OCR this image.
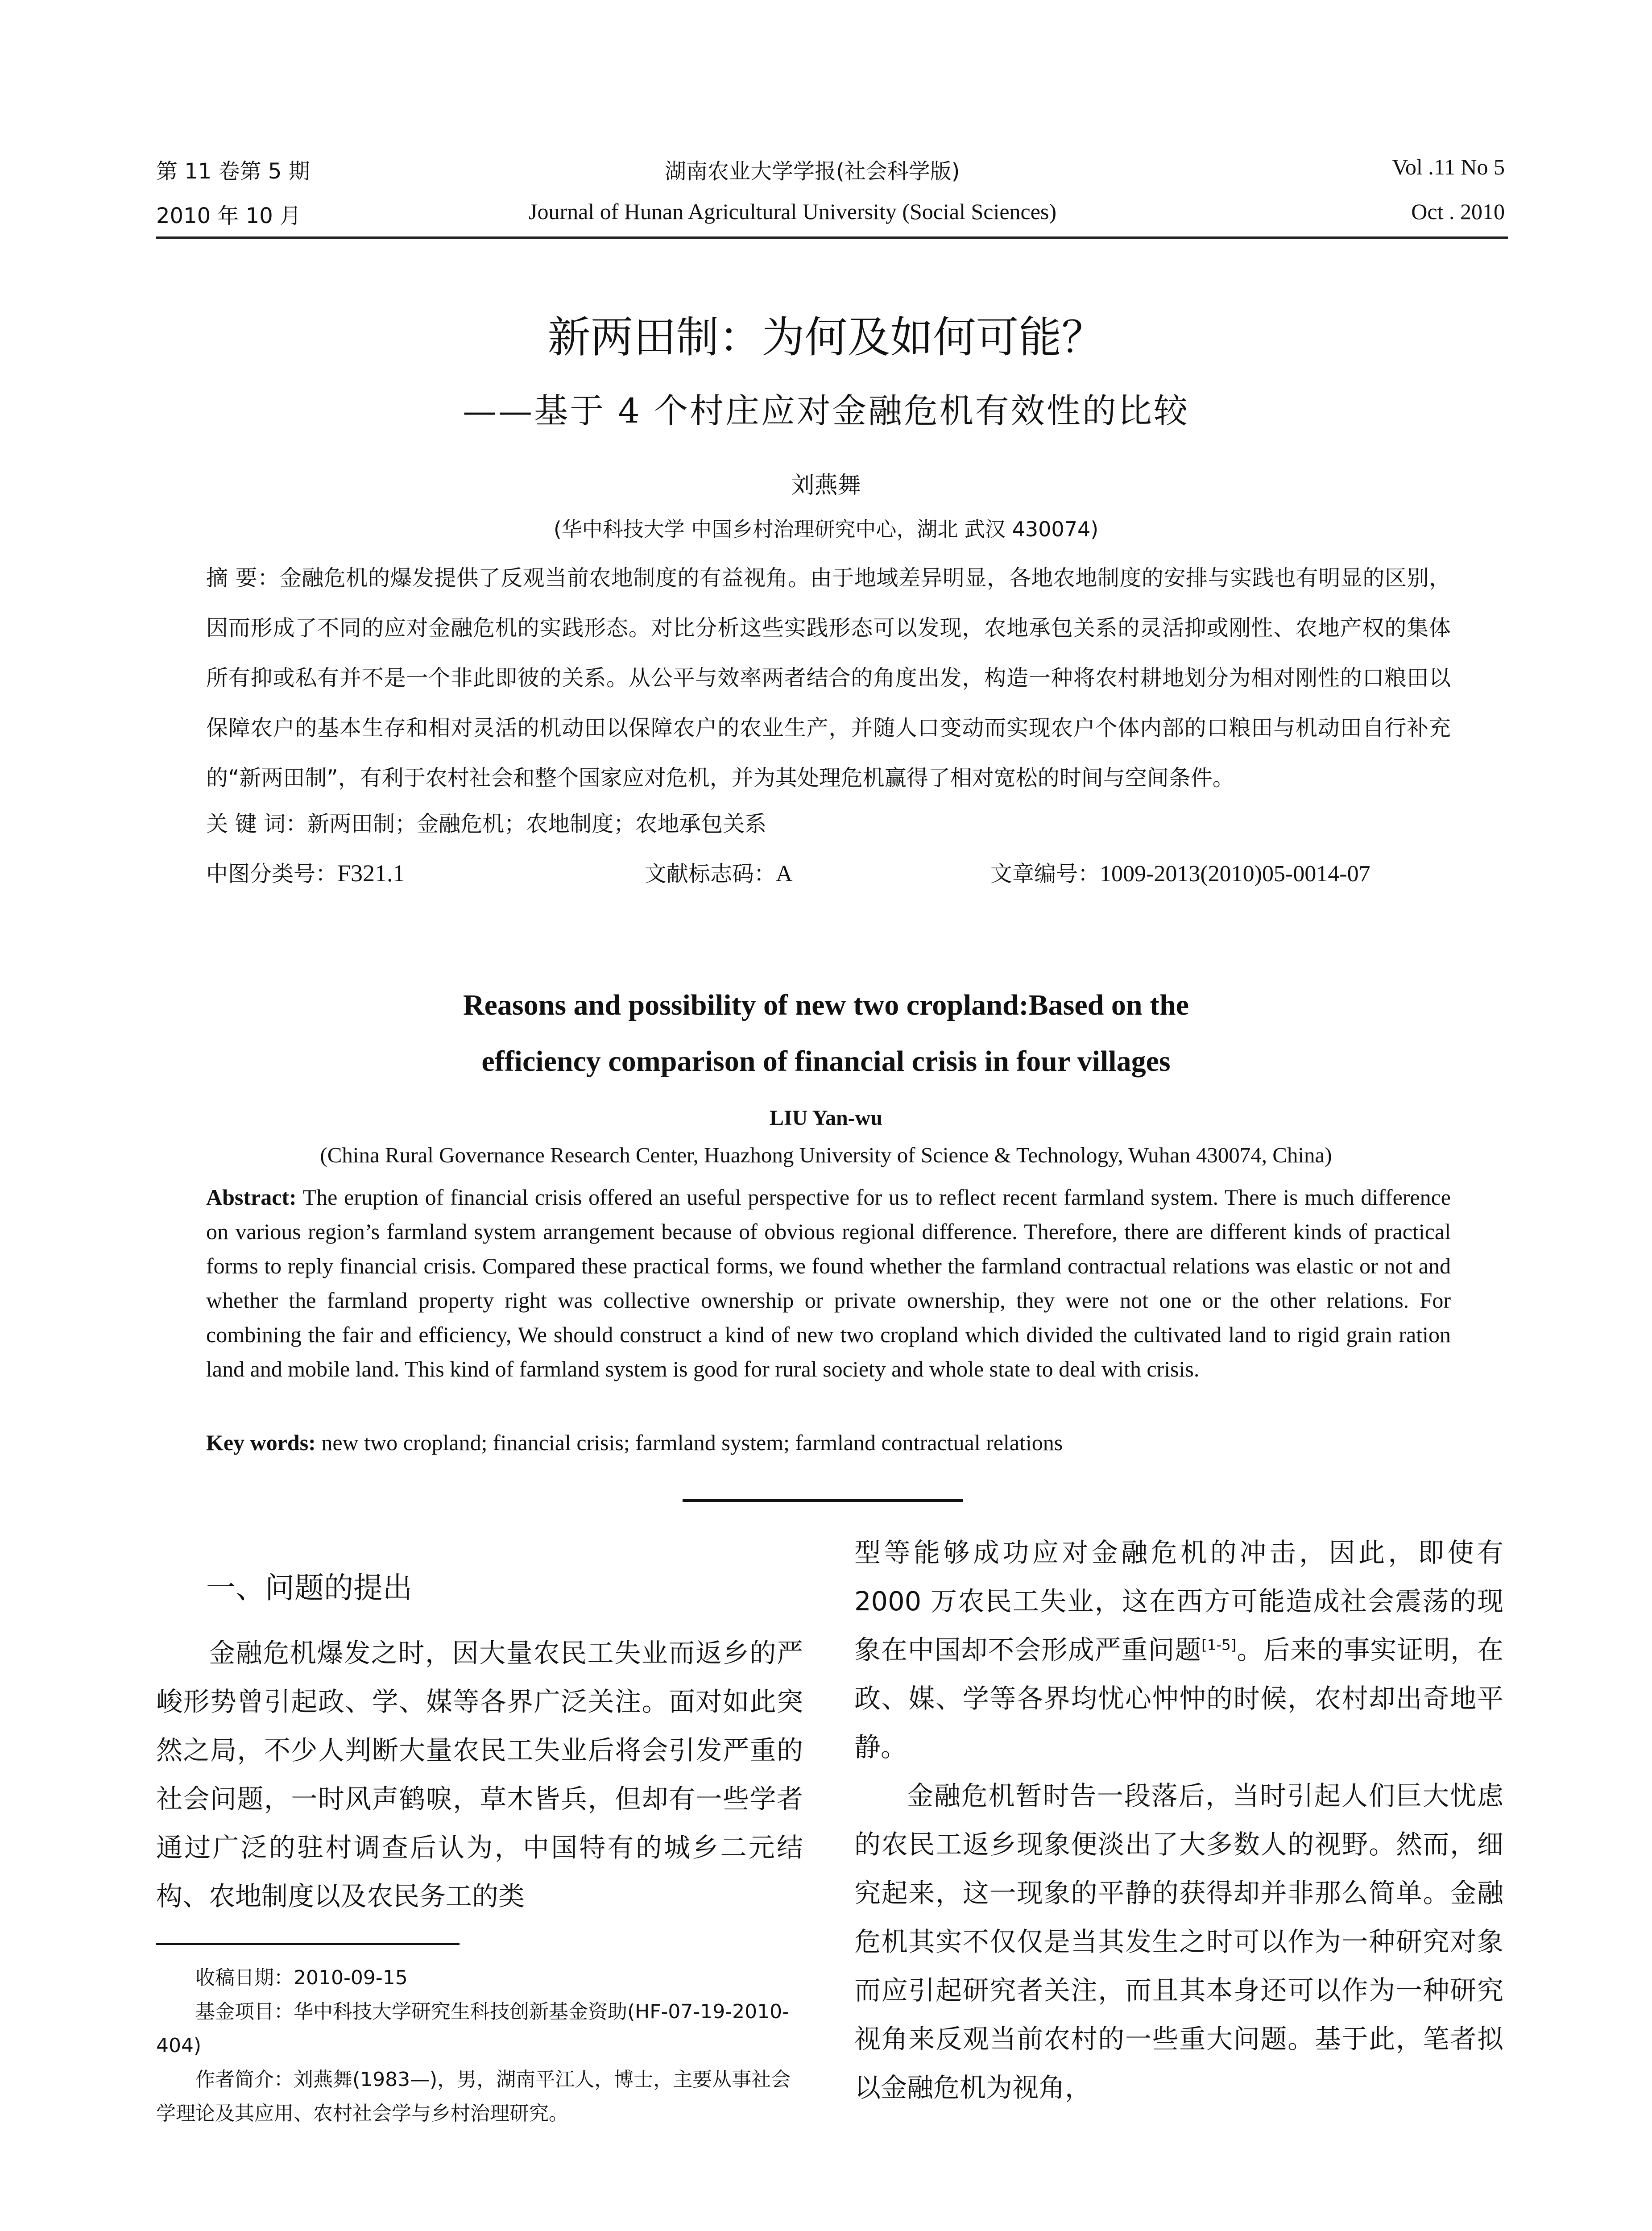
第 11 卷第 5 期	湖南农业大学学报(社会科学版)	Vol .11 No 5
2010 年 10 月	Journal of Hunan Agricultural University (Social Sciences)	Oct . 2010
新两田制：为何及如何可能？
——基于 4 个村庄应对金融危机有效性的比较
刘燕舞
(华中科技大学 中国乡村治理研究中心，湖北 武汉 430074)
摘 要：金融危机的爆发提供了反观当前农地制度的有益视角。由于地域差异明显，各地农地制度的安排与实践也有明显的区别，因而形成了不同的应对金融危机的实践形态。对比分析这些实践形态可以发现，农地承包关系的灵活抑或刚性、农地产权的集体所有抑或私有并不是一个非此即彼的关系。从公平与效率两者结合的角度出发，构造一种将农村耕地划分为相对刚性的口粮田以保障农户的基本生存和相对灵活的机动田以保障农户的农业生产，并随人口变动而实现农户个体内部的口粮田与机动田自行补充的“新两田制”，有利于农村社会和整个国家应对危机，并为其处理危机赢得了相对宽松的时间与空间条件。
关 键 词：新两田制；金融危机；农地制度；农地承包关系
中图分类号：F321.1	文献标志码：A	文章编号：1009-2013(2010)05-0014-07
Reasons and possibility of new two cropland:Based on the
efficiency comparison of financial crisis in four villages
LIU Yan-wu
(China Rural Governance Research Center, Huazhong University of Science & Technology, Wuhan 430074, China)
Abstract: The eruption of financial crisis offered an useful perspective for us to reflect recent farmland system. There is much difference on various region’s farmland system arrangement because of obvious regional difference. Therefore, there are different kinds of practical forms to reply financial crisis. Compared these practical forms, we found whether the farmland contractual relations was elastic or not and whether the farmland property right was collective ownership or private ownership, they were not one or the other relations. For combining the fair and efficiency, We should construct a kind of new two cropland which divided the cultivated land to rigid grain ration land and mobile land. This kind of farmland system is good for rural society and whole state to deal with crisis.
Key words: new two cropland; financial crisis; farmland system; farmland contractual relations
一、问题的提出

金融危机爆发之时，因大量农民工失业而返乡的严峻形势曾引起政、学、媒等各界广泛关注。面对如此突然之局，不少人判断大量农民工失业后将会引发严重的社会问题，一时风声鹤唳，草木皆兵，但却有一些学者通过广泛的驻村调查后认为，中国特有的城乡二元结构、农地制度以及农民务工的类

收稿日期：2010-09-15

基金项目：华中科技大学研究生科技创新基金资助(HF-07-19-2010-404)

作者简介：刘燕舞(1983—)，男，湖南平江人，博士，主要从事社会学理论及其应用、农村社会学与乡村治理研究。

型等能够成功应对金融危机的冲击，因此，即使有 2000 万农民工失业，这在西方可能造成社会震荡的现象在中国却不会形成严重问题[1-5]。后来的事实证明，在政、媒、学等各界均忧心忡忡的时候，农村却出奇地平静。

金融危机暂时告一段落后，当时引起人们巨大忧虑的农民工返乡现象便淡出了大多数人的视野。然而，细究起来，这一现象的平静的获得却并非那么简单。金融危机其实不仅仅是当其发生之时可以作为一种研究对象而应引起研究者关注，而且其本身还可以作为一种研究视角来反观当前农村的一些重大问题。基于此，笔者拟以金融危机为视角，
